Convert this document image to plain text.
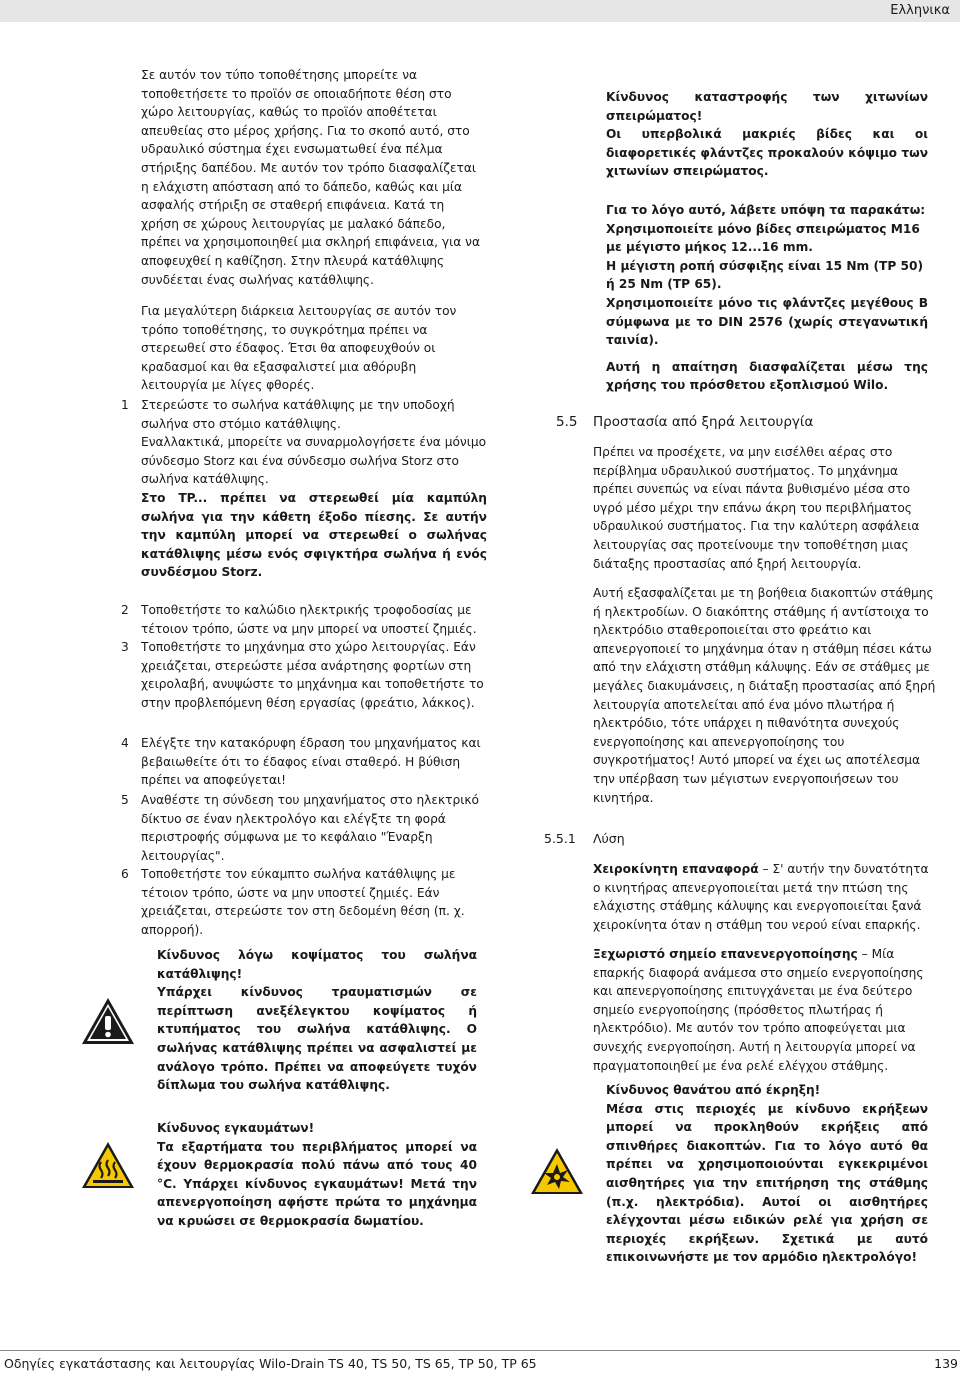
Ελληνικα

Σε αυτόν τον τύπο τοποθέτησης μπορείτε να τοποθετήσετε το προϊόν σε οποιαδήποτε θέση στο χώρο λειτουργίας, καθώς το προϊόν αποθέτεται απευθείας στο μέρος χρήσης. Για το σκοπό αυτό, στο υδραυλικό σύστημα έχει ενσωματωθεί ένα πέλμα στήριξης δαπέδου. Με αυτόν τον τρόπο διασφαλίζεται η ελάχιστη απόσταση από το δάπεδο, καθώς και μία ασφαλής στήριξη σε σταθερή επιφάνεια. Κατά τη χρήση σε χώρους λειτουργίας με μαλακό δάπεδο, πρέπει να χρησιμοποιηθεί μια σκληρή επιφάνεια, για να αποφευχθεί η καθίζηση. Στην πλευρά κατάθλιψης συνδέεται ένας σωλήνας κατάθλιψης.

Για μεγαλύτερη διάρκεια λειτουργίας σε αυτόν τον τρόπο τοποθέτησης, το συγκρότημα πρέπει να στερεωθεί στο έδαφος. Έτσι θα αποφευχθούν οι κραδασμοί και θα εξασφαλιστεί μια αθόρυβη λειτουργία με λίγες φθορές.

1 Στερεώστε το σωλήνα κατάθλιψης με την υποδοχή σωλήνα στο στόμιο κατάθλιψης.

Εναλλακτικά, μπορείτε να συναρμολογήσετε ένα μόνιμο σύνδεσμο Storz και ένα σύνδεσμο σωλήνα Storz στο σωλήνα κατάθλιψης.

Στο TP... πρέπει να στερεωθεί μία καμπύλη σωλήνα για την κάθετη έξοδο πίεσης. Σε αυτήν την καμπύλη μπορεί να στερεωθεί ο σωλήνας κατάθλιψης μέσω ενός σφιγκτήρα σωλήνα ή ενός συνδέσμου Storz.

2 Τοποθετήστε το καλώδιο ηλεκτρικής τροφοδοσίας με τέτοιον τρόπο, ώστε να μην μπορεί να υποστεί ζημιές.

3 Τοποθετήστε το μηχάνημα στο χώρο λειτουργίας. Εάν χρειάζεται, στερεώστε μέσα ανάρτησης φορτίων στη χειρολαβή, ανυψώστε το μηχάνημα και τοποθετήστε το στην προβλεπόμενη θέση εργασίας (φρεάτιο, λάκκος).

4 Ελέγξτε την κατακόρυφη έδραση του μηχανήματος και βεβαιωθείτε ότι το έδαφος είναι σταθερό. Η βύθιση πρέπει να αποφεύγεται!

5 Αναθέστε τη σύνδεση του μηχανήματος στο ηλεκτρικό δίκτυο σε έναν ηλεκτρολόγο και ελέγξτε τη φορά περιστροφής σύμφωνα με το κεφάλαιο "Έναρξη λειτουργίας".

6 Τοποθετήστε τον εύκαμπτο σωλήνα κατάθλιψης με τέτοιον τρόπο, ώστε να μην υποστεί ζημιές. Εάν χρειάζεται, στερεώστε τον στη δεδομένη θέση (π. χ. απορροή).

Κίνδυνος λόγω κοψίματος του σωλήνα κατάθλιψης!

Υπάρχει κίνδυνος τραυματισμών σε περίπτωση ανεξέλεγκτου κοψίματος ή κτυπήματος του σωλήνα κατάθλιψης. Ο σωλήνας κατάθλιψης πρέπει να ασφαλιστεί με ανάλογο τρόπο. Πρέπει να αποφεύγετε τυχόν δίπλωμα του σωλήνα κατάθλιψης.

Κίνδυνος εγκαυμάτων!

Τα εξαρτήματα του περιβλήματος μπορεί να έχουν θερμοκρασία πολύ πάνω από τους 40 °C. Υπάρχει κίνδυνος εγκαυμάτων! Μετά την απενεργοποίηση αφήστε πρώτα το μηχάνημα να κρυώσει σε θερμοκρασία δωματίου.

Κίνδυνος καταστροφής των χιτωνίων σπειρώματος!

Οι υπερβολικά μακριές βίδες και οι διαφορετικές φλάντζες προκαλούν κόψιμο των χιτωνίων σπειρώματος.

Για το λόγο αυτό, λάβετε υπόψη τα παρακάτω:

Χρησιμοποιείτε μόνο βίδες σπειρώματος M16 με μέγιστο μήκος 12...16 mm.

Η μέγιστη ροπή σύσφιξης είναι 15 Nm (TP 50) ή 25 Nm (TP 65).

Χρησιμοποιείτε μόνο τις φλάντζες μεγέθους B σύμφωνα με το DIN 2576 (χωρίς στεγανωτική ταινία).

Αυτή η απαίτηση διασφαλίζεται μέσω της χρήσης του πρόσθετου εξοπλισμού Wilo.

5.5 Προστασία από ξηρά λειτουργία

Πρέπει να προσέχετε, να μην εισέλθει αέρας στο περίβλημα υδραυλικού συστήματος. Το μηχάνημα πρέπει συνεπώς να είναι πάντα βυθισμένο μέσα στο υγρό μέσο μέχρι την επάνω άκρη του περιβλήματος υδραυλικού συστήματος. Για την καλύτερη ασφάλεια λειτουργίας σας προτείνουμε την τοποθέτηση μιας διάταξης προστασίας από ξηρή λειτουργία.

Αυτή εξασφαλίζεται με τη βοήθεια διακοπτών στάθμης ή ηλεκτροδίων. Ο διακόπτης στάθμης ή αντίστοιχα το ηλεκτρόδιο σταθεροποιείται στο φρεάτιο και απενεργοποιεί το μηχάνημα όταν η στάθμη πέσει κάτω από την ελάχιστη στάθμη κάλυψης. Εάν σε στάθμες με μεγάλες διακυμάνσεις, η διάταξη προστασίας από ξηρή λειτουργία αποτελείται από ένα μόνο πλωτήρα ή ηλεκτρόδιο, τότε υπάρχει η πιθανότητα συνεχούς ενεργοποίησης και απενεργοποίησης του συγκροτήματος! Αυτό μπορεί να έχει ως αποτέλεσμα την υπέρβαση των μέγιστων ενεργοποιήσεων του κινητήρα.

5.5.1 Λύση

Χειροκίνητη επαναφορά – Σ' αυτήν την δυνατότητα ο κινητήρας απενεργοποιείται μετά την πτώση της ελάχιστης στάθμης κάλυψης και ενεργοποιείται ξανά χειροκίνητα όταν η στάθμη του νερού είναι επαρκής.

Ξεχωριστό σημείο επανενεργοποίησης – Μία επαρκής διαφορά ανάμεσα στο σημείο ενεργοποίησης και απενεργοποίησης επιτυγχάνεται με ένα δεύτερο σημείο ενεργοποίησης (πρόσθετος πλωτήρας ή ηλεκτρόδιο). Με αυτόν τον τρόπο αποφεύγεται μια συνεχής ενεργοποίηση. Αυτή η λειτουργία μπορεί να πραγματοποιηθεί με ένα ρελέ ελέγχου στάθμης.

Κίνδυνος θανάτου από έκρηξη!

Μέσα στις περιοχές με κίνδυνο εκρήξεων μπορεί να προκληθούν εκρήξεις από σπινθήρες διακοπτών. Για το λόγο αυτό θα πρέπει να χρησιμοποιούνται εγκεκριμένοι αισθητήρες για την επιτήρηση της στάθμης (π.χ. ηλεκτρόδια). Αυτοί οι αισθητήρες ελέγχονται μέσω ειδικών ρελέ για χρήση σε περιοχές εκρήξεων. Σχετικά με αυτό επικοινωνήστε με τον αρμόδιο ηλεκτρολόγο!

Οδηγίες εγκατάστασης και λειτουργίας Wilo-Drain TS 40, TS 50, TS 65, TP 50, TP 65	139
